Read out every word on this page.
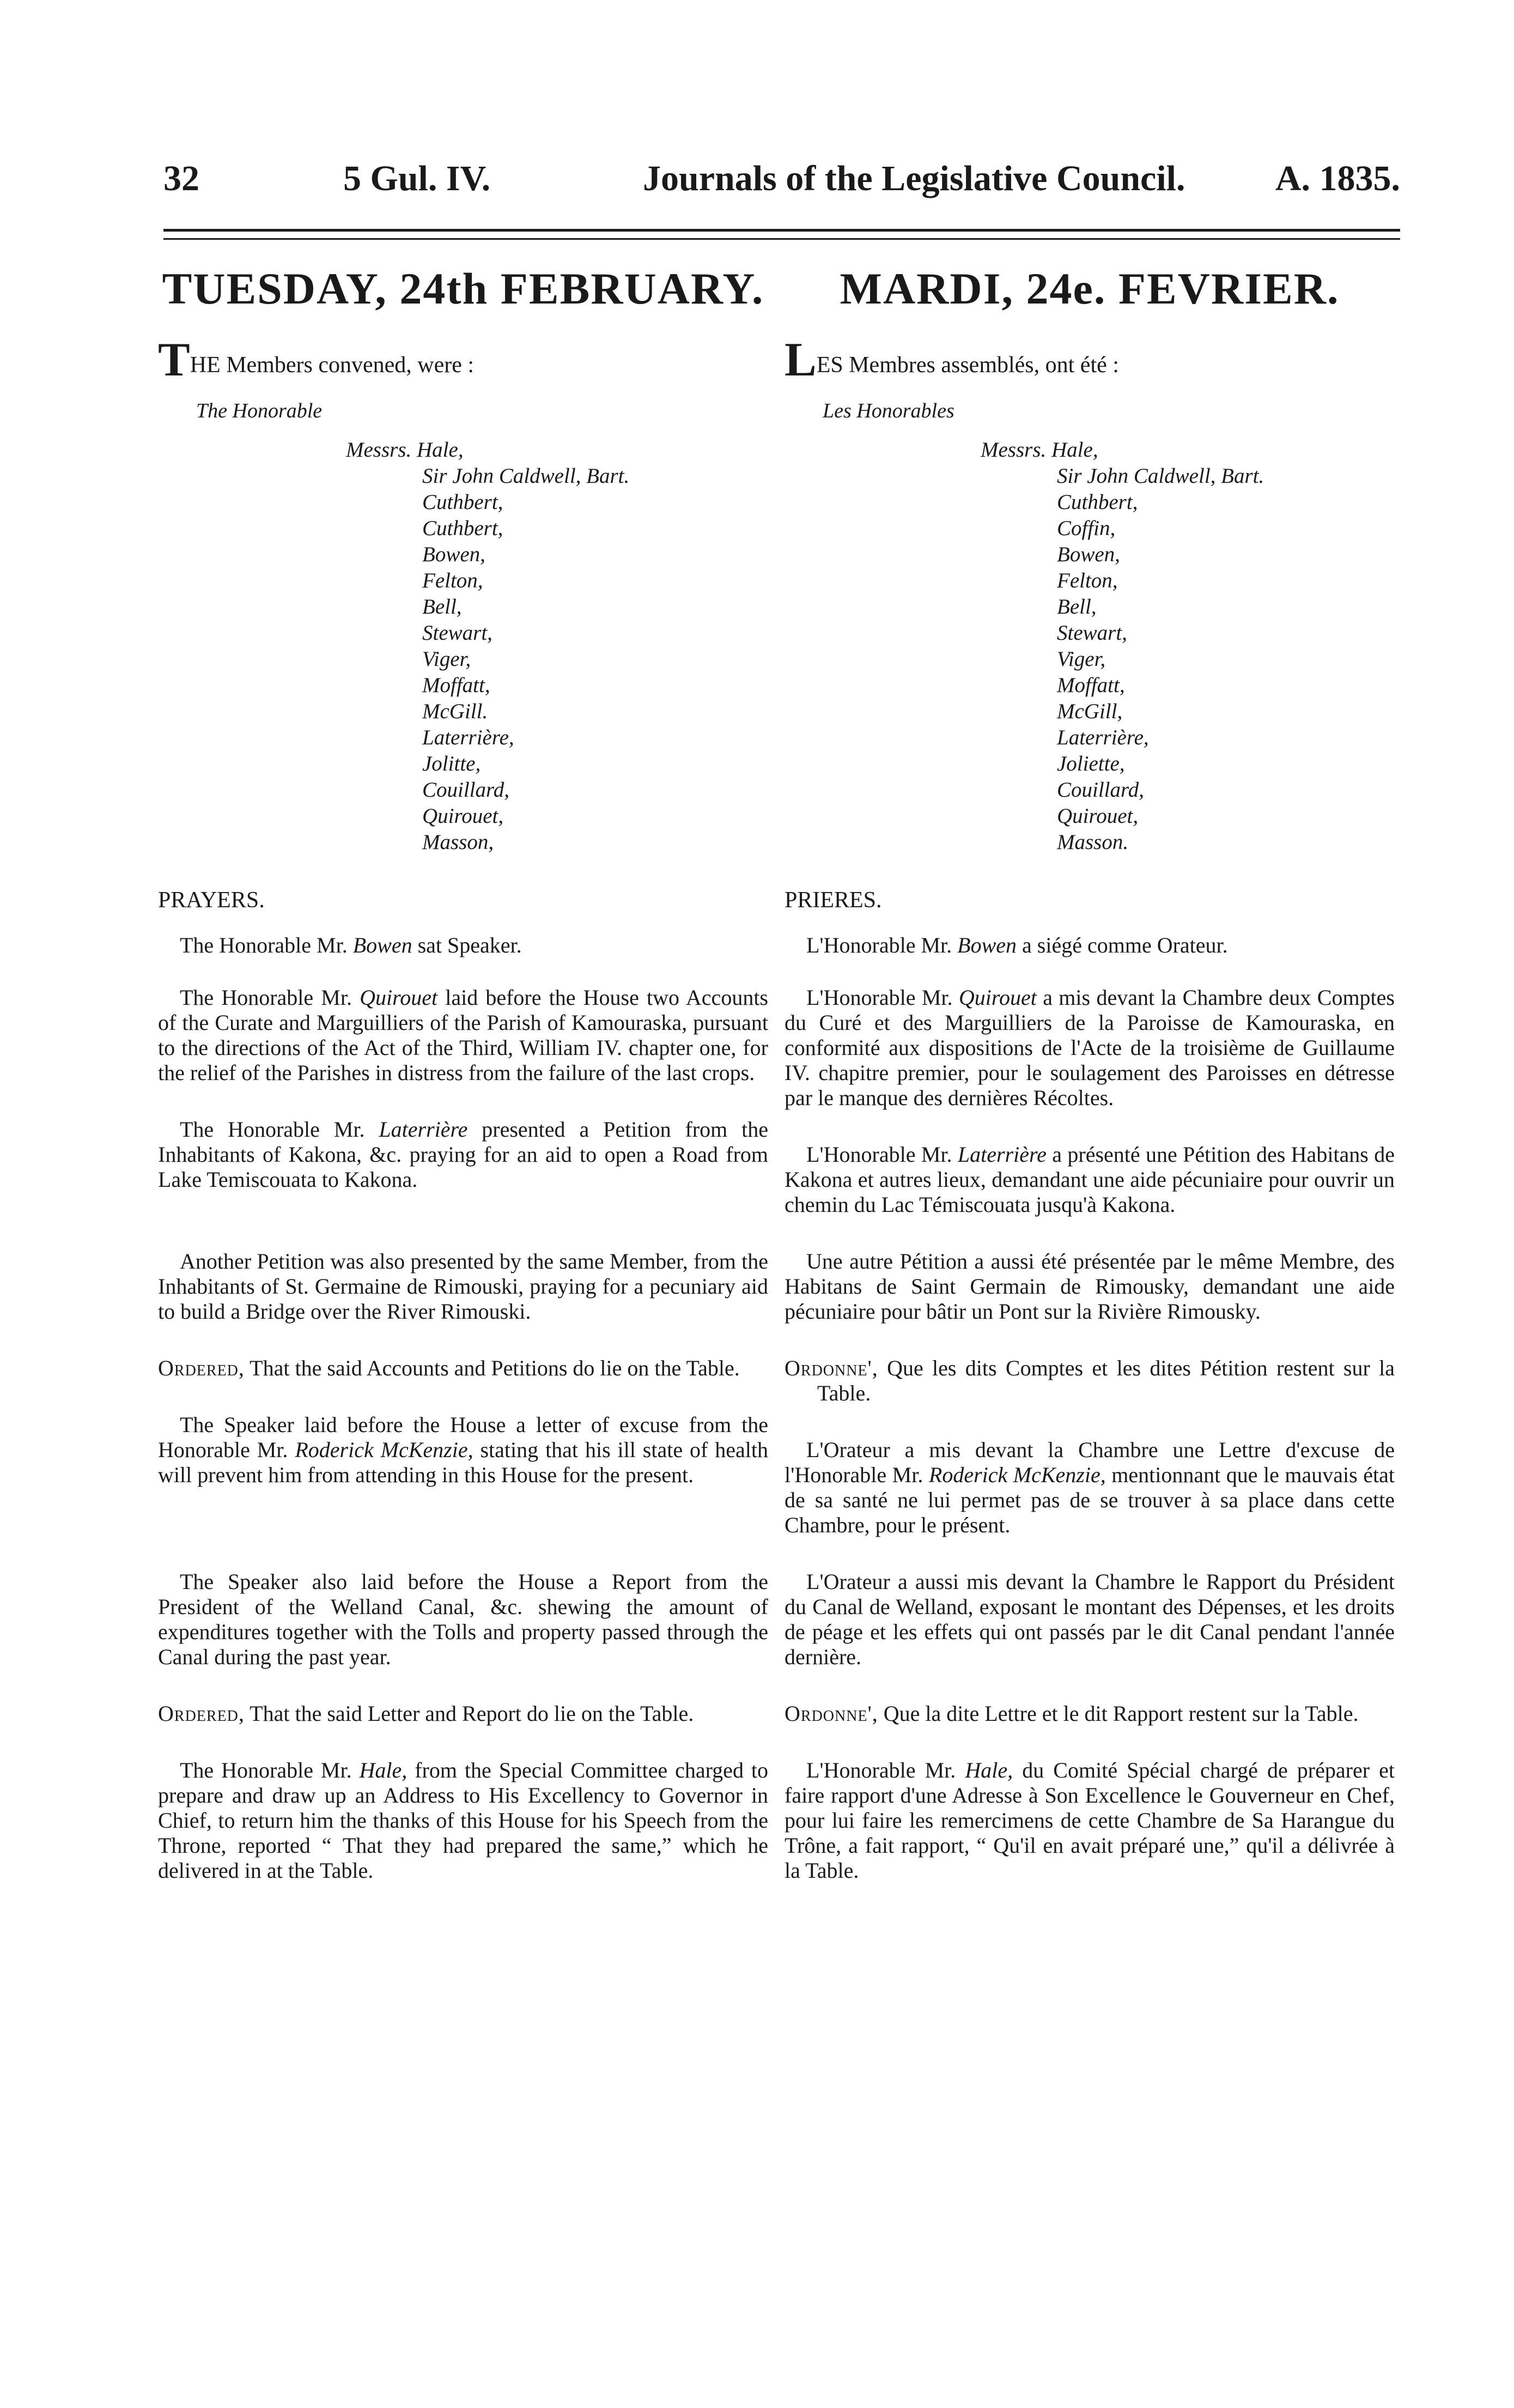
32	5 Gul. IV.	Journals of the Legislative Council.	A. 1835.
TUESDAY, 24th FEBRUARY.
THE Members convened, were :
The Honorable
Messrs. Hale,
Sir John Caldwell, Bart.
Cuthbert,
Cuthbert,
Bowen,
Felton,
Bell,
Stewart,
Viger,
Moffatt,
McGill.
Laterrière,
Jolitte,
Couillard,
Quirouet,
Masson,
PRAYERS.

The Honorable Mr. Bowen sat Speaker.

The Honorable Mr. Quirouet laid before the House two Accounts of the Curate and Marguilliers of the Parish of Kamouraska, pursuant to the directions of the Act of the Third, William IV. chapter one, for the relief of the Parishes in distress from the failure of the last crops.

The Honorable Mr. Laterrière presented a Petition from the Inhabitants of Kakona, &c. praying for an aid to open a Road from Lake Temiscouata to Kakona.

Another Petition was also presented by the same Member, from the Inhabitants of St. Germaine de Rimouski, praying for a pecuniary aid to build a Bridge over the River Rimouski.

Ordered, That the said Accounts and Petitions do lie on the Table.

The Speaker laid before the House a letter of excuse from the Honorable Mr. Roderick McKenzie, stating that his ill state of health will prevent him from attending in this House for the present.

The Speaker also laid before the House a Report from the President of the Welland Canal, &c. shewing the amount of expenditures together with the Tolls and property passed through the Canal during the past year.

Ordered, That the said Letter and Report do lie on the Table.

The Honorable Mr. Hale, from the Special Committee charged to prepare and draw up an Address to His Excellency to Governor in Chief, to return him the thanks of this House for his Speech from the Throne, reported “ That they had prepared the same,” which he delivered in at the Table.

MARDI, 24e. FEVRIER.
LES Membres assemblés, ont été :
Les Honorables
Messrs. Hale,
Sir John Caldwell, Bart.
Cuthbert,
Coffin,
Bowen,
Felton,
Bell,
Stewart,
Viger,
Moffatt,
McGill,
Laterrière,
Joliette,
Couillard,
Quirouet,
Masson.
PRIERES.

L'Honorable Mr. Bowen a siégé comme Orateur.

L'Honorable Mr. Quirouet a mis devant la Chambre deux Comptes du Curé et des Marguilliers de la Paroisse de Kamouraska, en conformité aux dispositions de l'Acte de la troisième de Guillaume IV. chapitre premier, pour le soulagement des Paroisses en détresse par le manque des dernières Récoltes.

L'Honorable Mr. Laterrière a présenté une Pétition des Habitans de Kakona et autres lieux, demandant une aide pécuniaire pour ouvrir un chemin du Lac Témiscouata jusqu'à Kakona.

Une autre Pétition a aussi été présentée par le même Membre, des Habitans de Saint Germain de Rimousky, demandant une aide pécuniaire pour bâtir un Pont sur la Rivière Rimousky.

Ordonne', Que les dits Comptes et les dites Pétition restent sur la Table.

L'Orateur a mis devant la Chambre une Lettre d'excuse de l'Honorable Mr. Roderick McKenzie, mentionnant que le mauvais état de sa santé ne lui permet pas de se trouver à sa place dans cette Chambre, pour le présent.

L'Orateur a aussi mis devant la Chambre le Rapport du Président du Canal de Welland, exposant le montant des Dépenses, et les droits de péage et les effets qui ont passés par le dit Canal pendant l'année dernière.

Ordonne', Que la dite Lettre et le dit Rapport restent sur la Table.

L'Honorable Mr. Hale, du Comité Spécial chargé de préparer et faire rapport d'une Adresse à Son Excellence le Gouverneur en Chef, pour lui faire les remercimens de cette Chambre de Sa Harangue du Trône, a fait rapport, “ Qu'il en avait préparé une,” qu'il a délivrée à la Table.
